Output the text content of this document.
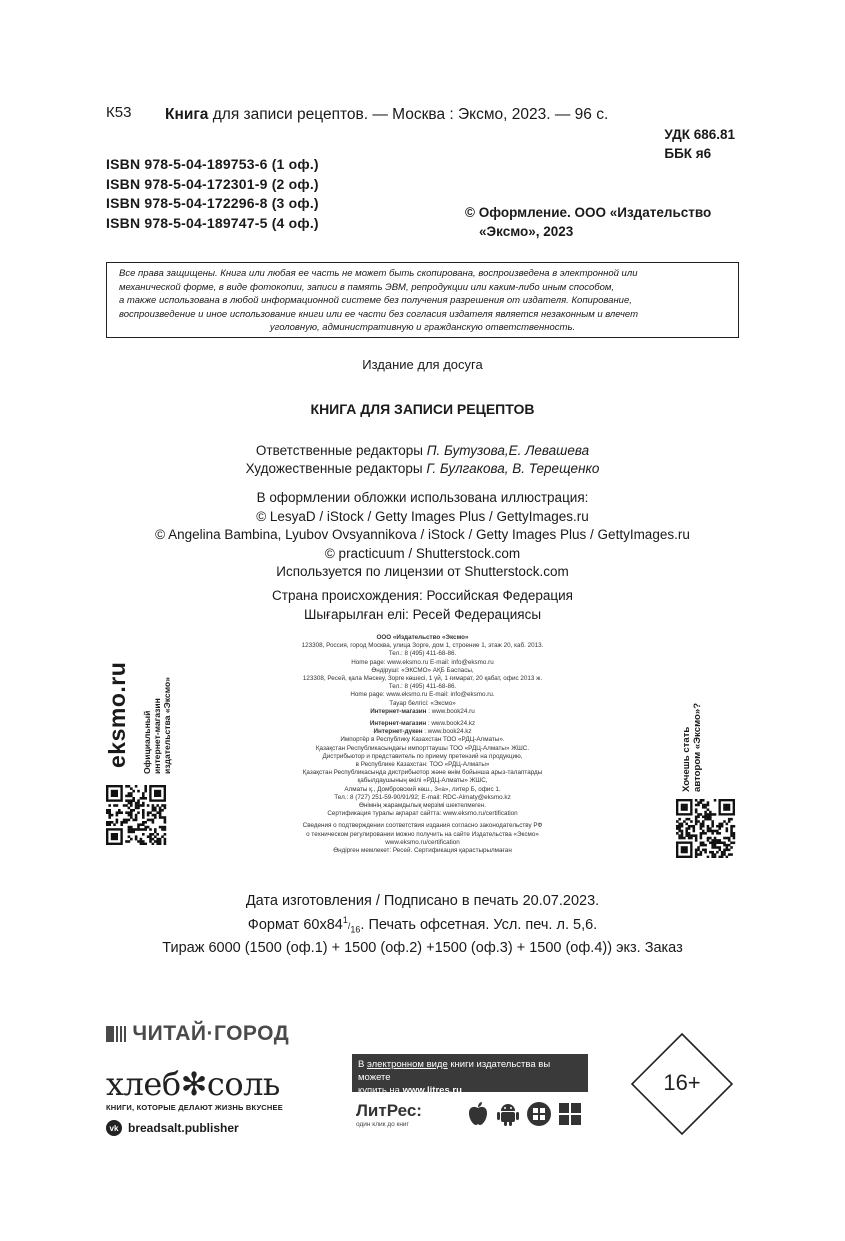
К53 Книга для записи рецептов. — Москва : Эксмо, 2023. — 96 с.
УДК 686.81
ББК я6
ISBN 978-5-04-189753-6 (1 оф.)
ISBN 978-5-04-172301-9 (2 оф.)
ISBN 978-5-04-172296-8 (3 оф.)
ISBN 978-5-04-189747-5 (4 оф.)
© Оформление. ООО «Издательство
«Эксмо», 2023

Все права защищены. Книга или любая ее часть не может быть скопирована, воспроизведена в электронной или

механической форме, в виде фотокопии, записи в память ЭВМ, репродукции или каким-либо иным способом,

а также использована в любой информационной системе без получения разрешения от издателя. Копирование,

воспроизведение и иное использование книги или ее части без согласия издателя является незаконным и влечет

уголовную, административную и гражданскую ответственность.

Издание для досуга
КНИГА ДЛЯ ЗАПИСИ РЕЦЕПТОВ
Ответственные редакторы П. Бутузова,Е. Левашева
Художественные редакторы Г. Булгакова, В. Терещенко
В оформлении обложки использована иллюстрация:
© LesyaD / iStock / Getty Images Plus / GettyImages.ru
© Angelina Bambina, Lyubov Ovsyannikova / iStock / Getty Images Plus / GettyImages.ru
© practicuum / Shutterstock.com
Используется по лицензии от Shutterstock.com
Страна происхождения: Российская Федерация
Шығарылған елі: Ресей Федерациясы
ООО «Издательство «Эксмо»
123308, Россия, город Москва, улица Зорге, дом 1, строение 1, этаж 20, каб. 2013.
Тел.: 8 (495) 411-68-86.
Home page: www.eksmo.ru E-mail: info@eksmo.ru
Өндіруші: «ЭКСМО» АҚБ Баспасы,
123308, Ресей, қала Мәскеу, Зорге көшесі, 1 үй, 1 ғимарат, 20 қабат, офис 2013 ж.
Тел.: 8 (495) 411-68-86.
Home page: www.eksmo.ru E-mail: info@eksmo.ru.
Тауар белгісі: «Эксмо»
Интернет-магазин : www.book24.ru
Интернет-магазин : www.book24.kz
Интернет-дүкен : www.book24.kz
Импортёр в Республику Казахстан ТОО «РДЦ-Алматы».
Қазақстан Республикасындағы импорттаушы ТОО «РДЦ-Алматы» ЖШС.
Дистрибьютор и представитель по приему претензий на продукцию,
в Республике Казахстан: ТОО «РДЦ-Алматы»
Қазақстан Республикасында дистрибьютор және өнім бойынша арыз-талаптарды
қабылдаушының өкілі «РДЦ-Алматы» ЖШС,
Алматы қ., Домбровский көш., 3«а», литер Б, офис 1.
Тел.: 8 (727) 251-59-90/91/92; E-mail: RDC-Almaty@eksmo.kz
Өнімнің жарамдылық мерзімі шектелмеген.
Сертификация туралы ақпарат сайтта: www.eksmo.ru/certification
Сведения о подтверждении соответствия издания согласно законодательству РФ
о техническом регулировании можно получить на сайте Издательства «Эксмо»
www.eksmo.ru/certification
Өндірген мемлекет: Ресей. Сертификация қарастырылмаған
eksmo.ru Официальный интернет-магазин издательства «Эксмо»	Хочешь стать автором «Эксмо»?
Дата изготовления / Подписано в печать 20.07.2023.
Формат $60x84^1/_{16}$. Печать офсетная. Усл. печ. л. 5,6.
Тираж 6000 (1500 (оф.1) + 1500 (оф.2) +1500 (оф.3) + 1500 (оф.4)) экз. Заказ
ЧИТАЙ·ГОРОД
хлеб✻соль
КНИГИ, КОТОРЫЕ ДЕЛАЮТ ЖИЗНЬ ВКУСНЕЕ
vk breadsalt.publisher
В электронном виде книги издательства вы можете
купить на www.litres.ru
ЛитРес:
один клик до книг
16+
